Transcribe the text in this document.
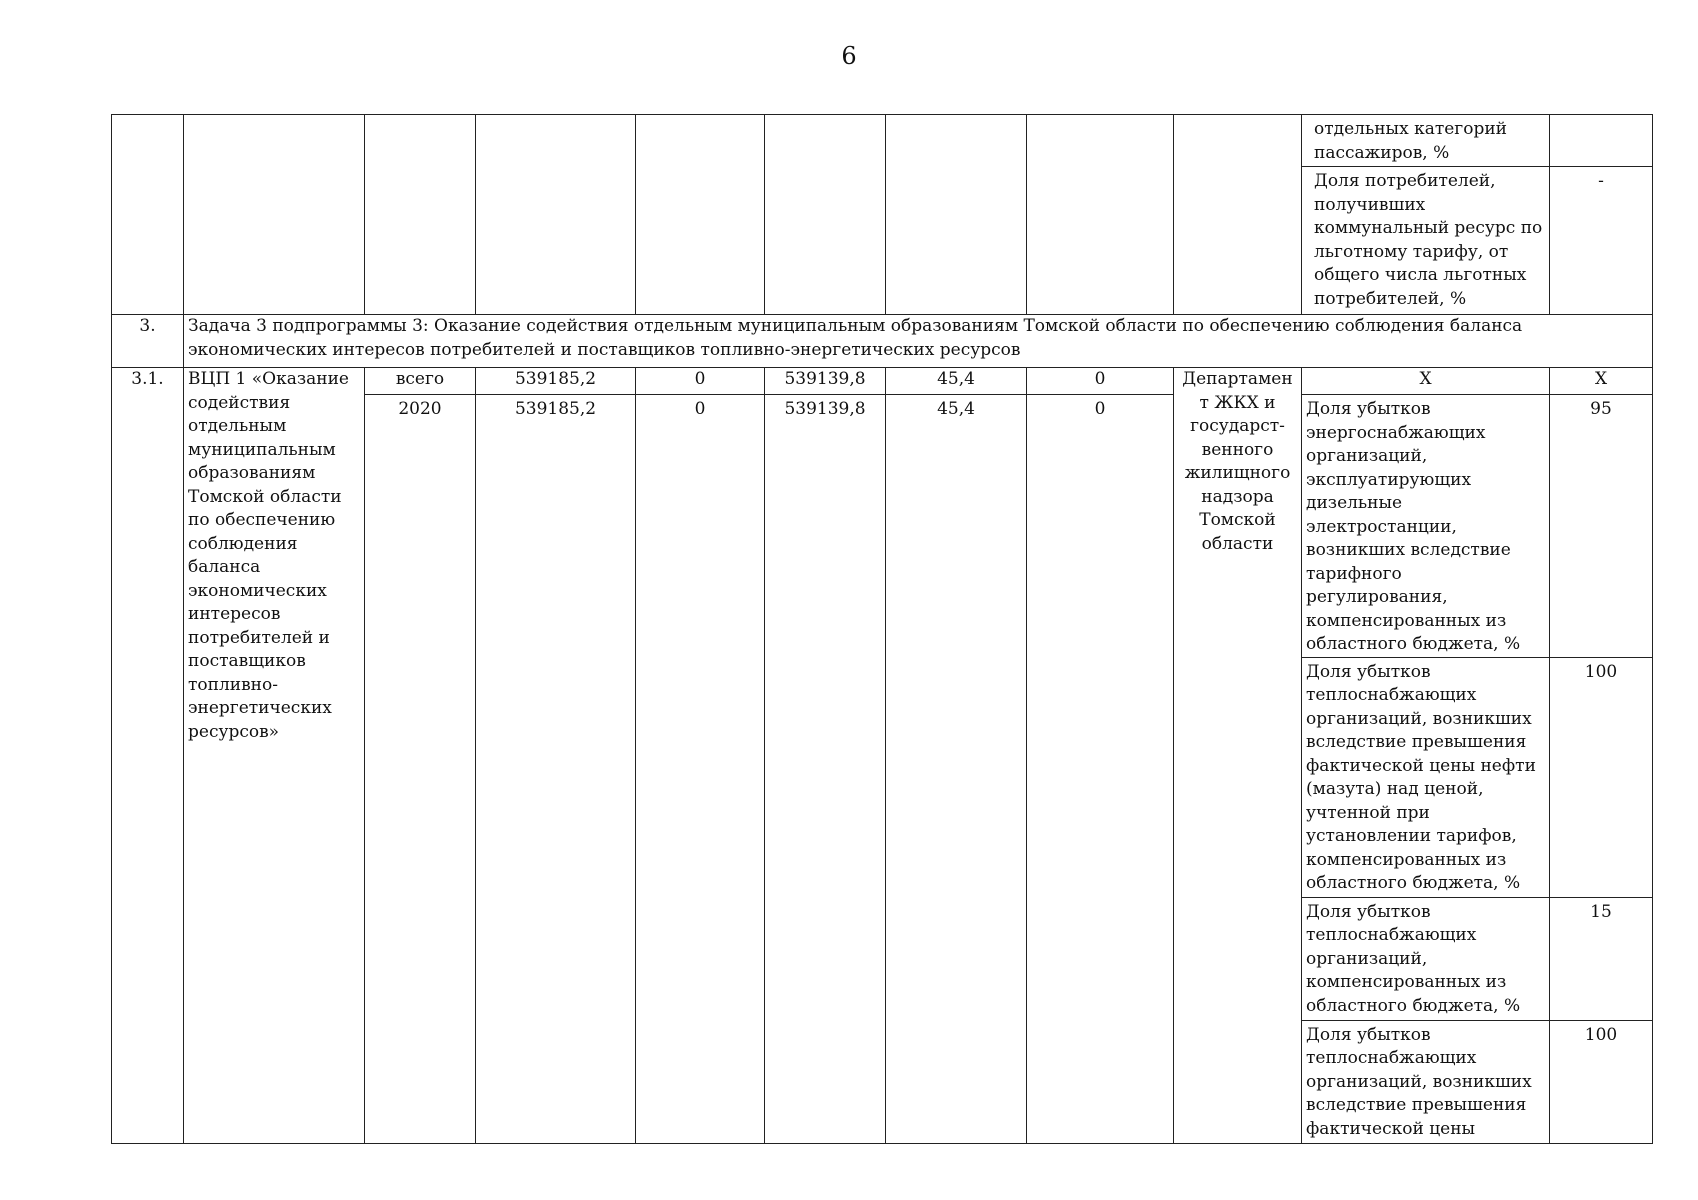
6
									отдельных категорий пассажиров, %	
									Доля потребителей, получивших коммунальный ресурс по льготному тарифу, от общего числа льготных потребителей, %	-
3.	Задача 3 подпрограммы 3: Оказание содействия отдельным муниципальным образованиям Томской области по обеспечению соблюдения баланса экономических интересов потребителей и поставщиков топливно-энергетических ресурсов									
3.1.	ВЦП 1 «Оказание содействия отдельным муниципальным образованиям Томской области по обеспечению соблюдения баланса экономических интересов потребителей и поставщиков топливно-энергетических ресурсов»	всего	539185,2	0	539139,8	45,4	0	Департамент ЖКХ и государст-венного жилищного надзора Томской области	Х	Х
		2020	539185,2	0	539139,8	45,4	0		Доля убытков энергоснабжающих организаций, эксплуатирующих дизельные электростанции, возникших вследствие тарифного регулирования, компенсированных из областного бюджета, %	95
									Доля убытков теплоснабжающих организаций, возникших вследствие превышения фактической цены нефти (мазута) над ценой, учтенной при установлении тарифов, компенсированных из областного бюджета, %	100
									Доля убытков теплоснабжающих организаций, компенсированных из областного бюджета, %	15
									Доля убытков теплоснабжающих организаций, возникших вследствие превышения фактической цены	100
